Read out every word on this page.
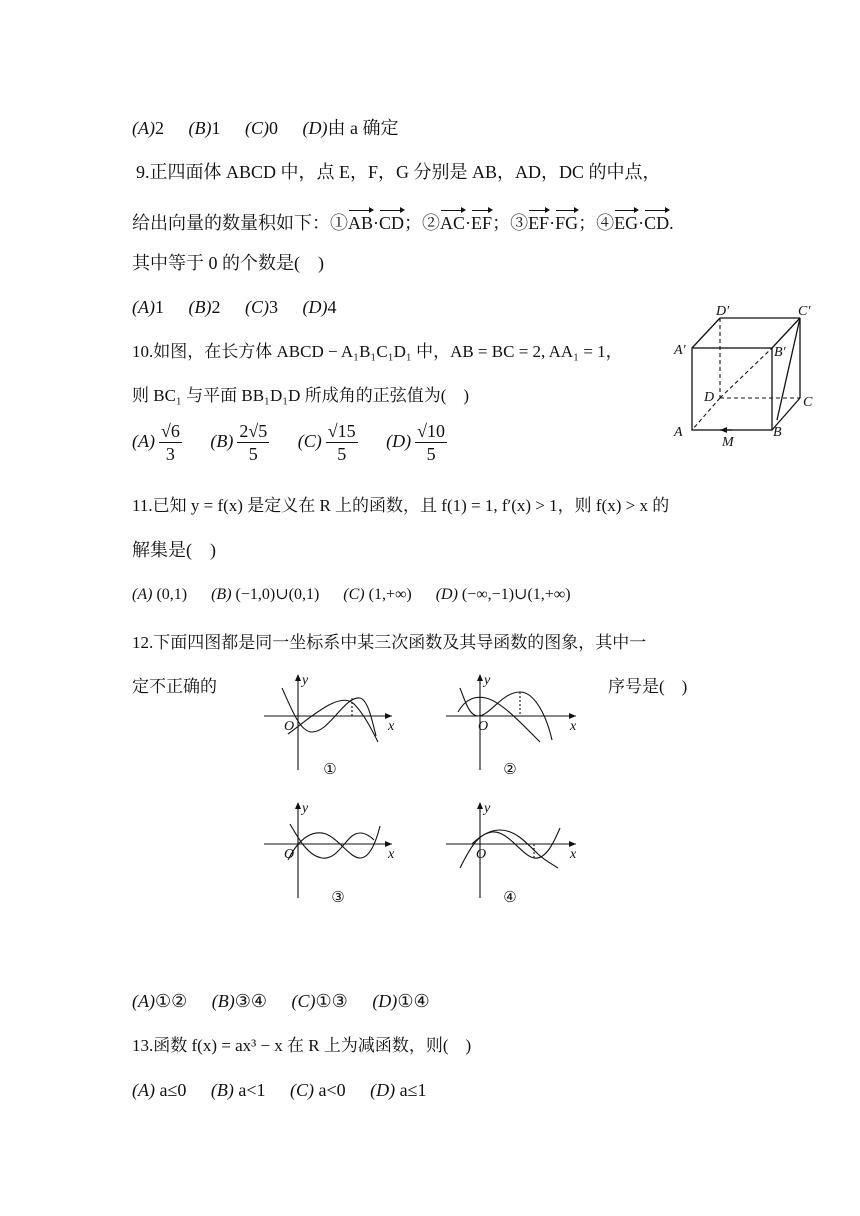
(A)2 (B)1 (C)0 (D)由 a 确定
9.正四面体 ABCD 中，点 E，F，G 分别是 AB，AD，DC 的中点，
给出向量的数量积如下：①AB·CD；②AC·EF；③EF·FG；④EG·CD.
其中等于 0 的个数是(　)
(A)1 (B)2 (C)3 (D)4
10.如图，在长方体 ABCD − A₁B₁C₁D₁ 中，AB = BC = 2, AA₁ = 1，
则 BC₁ 与平面 BB₁D₁D 所成角的正弦值为(　)
$(A) \frac{√6}{3} (B) \frac{2√5}{5} (C) \frac{√15}{5} (D) \frac{√10}{5}$	A	B
C
D
A′	B′
C′
D′
M
11.已知 y = f(x) 是定义在 R 上的函数，且 f(1) = 1, f′(x) > 1，则 f(x) > x 的
解集是(　)
(A) (0,1) (B) (−1,0)∪(0,1) (C) (1,+∞) (D) (−∞,−1)∪(1,+∞)
12.下面四图都是同一坐标系中某三次函数及其导函数的图象，其中一
定不正确的	序号是(　)
y
O	x
①
y
O	x
②
y
O	x
③
y
O	x
④
(A)①② (B)③④ (C)①③ (D)①④
13.函数 f(x) = ax³ − x 在 R 上为减函数，则(　)
(A) a≤0 (B) a<1 (C) a<0 (D) a≤1
